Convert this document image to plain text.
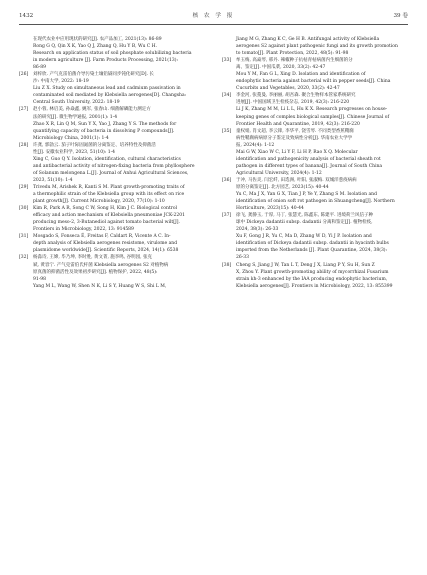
1432	核 农 学 报	39 卷
在现代农业中应用现状的研究[J]. 农产品加工, 2021(13): 86-89
Rong G Q, Qin X K, Yao Q J, Zhang Q, Hu Y B, Wu C H.
Research on application status of soil phosphate solubilizing bacteria
in modern agriculture [J]. Farm Products Processing, 2021(13):
86-89
[26] 刘梓欣. 产气克雷伯菌介导污染土壤铅镉同步钝化研究[D]. 长
沙: 中南大学, 2022: 18-19
Liu Z X. Study on simultaneous lead and cadmium passivation in
contaminated soil mediated by Klebsiella aerogenes[D]. Changsha:
Central South University, 2022: 18-19
[27] 赵小蓉, 林启美, 孙焱鑫, 姚军, 张春山. 细菌解磷能力测定方
法的研究[J]. 微生物学通报, 2001(1): 1-4
Zhao X R, Lin Q M, Sun Y X, Yao J, Zhang Y S. The methods for
quantifying capacity of bacteria in dissolving P compounds[J].
Microbiology China, 2001(1): 1-4
[28] 许龚, 郭勍云. 茄子叶际固氮菌的分离鉴定、培养特性及抑菌活
性[J]. 安徽农业科学, 2023, 51(10): 1-4
Xing C, Guo Q Y. Isolation, identification, cultural characteristics
and antibacterial activity of nitrogen-fixing bacteria from phyllosphere
of Solanum melongena L.[J]. Journal of Anhui Agricultural Sciences,
2023, 51(10): 1-4
[29] Trivedu M, Arishek R, Kanti S M. Plant growth-promoting traits of
a thermophilic strain of the Klebsiella group with its effect on rice
plant growth[J]. Current Microbiology, 2020, 77(10): 1-10
[30] Kim R, Park A R, Song C W, Song H, Kim J C. Biological control
efficacy and action mechanism of Klebsiella pneumoniae JCK-2201
producing meso-2, 3-Butanediol against tomato bacterial wilt[J].
Frontiers in Microbiology, 2022, 13: 914589
[31] Mosgado S, Fonseca É, Freitas F, Caldart R, Vicente A C. In-
depth analysis of Klebsiella aerogenes resistome, virulome and
plasmidome worldwide[J]. Scientific Reports, 2024, 14(1): 6538
[32] 杨淼诗, 王嫦, 毕乃坤, 李时胜, 黄文菁, 施李鸣, 谷明园, 张克
斌, 黄容宁. 产气克雷伯氏杆菌 Klebsiella aerogenes S2 对植物病
原真菌的抑菌活性及效果初步研究[J]. 植物保护, 2022, 48(5):
91-98
Yang M L, Wang W, Shen N K, Li S Y, Huang W S, Shi L M,
Jiang M G, Zhang K C, Ge H B. Antifungal activity of Klebsiella
aerogenes S2 against plant pathogenic fungi and its growth promotion
to tomato[J]. Plant Protection, 2022, 48(5): 91-98
[33] 牟玉梅, 高焱琴, 邢丹. 辣椒种子抗枯青枯病菌内生细菌的分
离、鉴定[J]. 中国瓜菜, 2020, 33(2): 42-47
Mou Y M, Fan G L, Xing D. Isolation and identification of
endophytic bacteria against bacterial wilt in pepper seeds[J]. China
Cucurbits and Vegetables, 2020, 33(2): 42-47
[34] 李金河, 张蔓曼, 李丽丽, 胡吾森. 聚合生物样本管家系统研究
进展[J]. 中国国域卫生检疫杂志, 2019, 42(3): 216-220
Li J K, Zhang M M, Li L L, Hu K X. Research progresses on house-
keeping genes of complex biological samples[J]. Chinese Journal of
Frontier Health and Quarantine, 2019, 42(3): 216-220
[35] 童权娟, 肖文超, 李云锋, 李华平, 饶雪琴. 不同类型香蕉鞘腐
病性鞘腐病病原分子鉴定及致病性分析[J]. 华南农业大学学
报, 2024(4): 1-12
Mai G W, Xiao W C, Li Y F, Li H P, Rao X Q. Molecular
identification and pathogenicity analysis of bacterial sheath rot
pathogen in different types of banana[J]. Journal of South China
Agricultural University, 2024(4): 1-12
[36] 于冲, 马佐炎, 闫宏纤, 田选洲, 叶阳, 张淑梅. 双城洋葱疫病病
原的分离鉴定[J]. 北方园艺, 2023(15): 40-44
Yu C, Ma J X, Yan G X, Tian J P, Ye Y, Zhang S M. Isolation and
identification of onion soft rot pathogen in Shuangcheng[J]. Northern
Horticulture, 2023(15): 40-44
[37] 徐飞, 龚静玉, 于厚, 马丁, 张慧光, 陈鑫东, 陈建平. 进境荷兰风信子种
球中 Dickeya dadantii subsp. dadantii 分离和鉴定[J]. 植物检疫,
2024, 38(3): 26-33
Xu F, Gong J R, Yu C, Ma D, Zhang W D, Yi J P. Isolation and
identification of Dickeya dadantii subsp. dadantii in hyacinth bulbs
imported from the Netherlands [J]. Plant Quarantine, 2024, 38(3):
26-33
[38] Cheng S, Jiang J W, Tan L T, Deng J X, Liang P Y, Su H, Sun Z
X, Zhou Y. Plant growth-promoting ability of mycorrhizal Fusarium
strain kh-3 enhanced by the IAA producing endophytic bacterium,
Klebsiella aerogenes[J]. Frontiers in Microbiology, 2022, 13: 855399
